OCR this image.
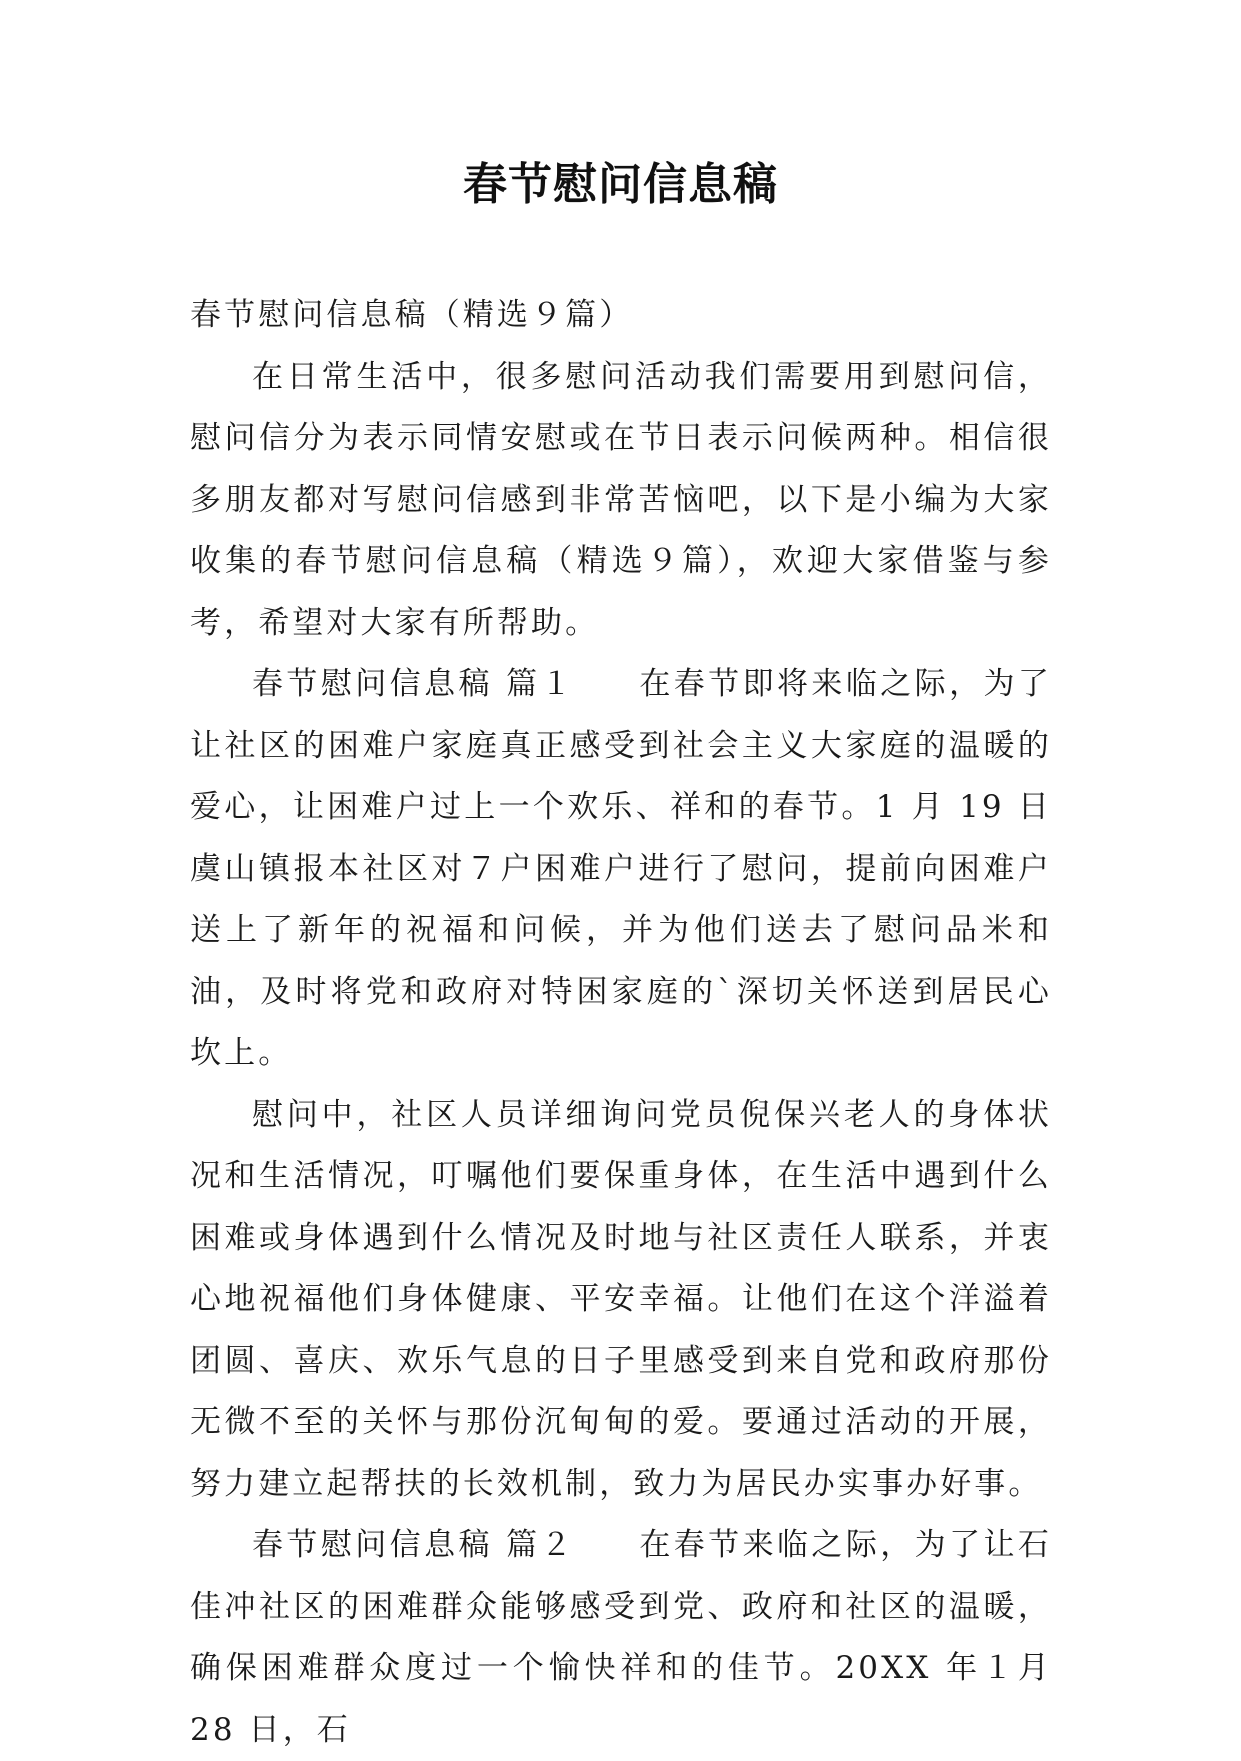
春节慰问信息稿

春节慰问信息稿（精选９篇）

在日常生活中，很多慰问活动我们需要用到慰问信，慰问信分为表示同情安慰或在节日表示问候两种。相信很多朋友都对写慰问信感到非常苦恼吧，以下是小编为大家收集的春节慰问信息稿（精选９篇），欢迎大家借鉴与参考，希望对大家有所帮助。

春节慰问信息稿 篇１ 在春节即将来临之际，为了让社区的困难户家庭真正感受到社会主义大家庭的温暖的爱心，让困难户过上一个欢乐、祥和的春节。1 月 19 日虞山镇报本社区对７户困难户进行了慰问，提前向困难户送上了新年的祝福和问候，并为他们送去了慰问品米和油，及时将党和政府对特困家庭的`深切关怀送到居民心坎上。

慰问中，社区人员详细询问党员倪保兴老人的身体状况和生活情况，叮嘱他们要保重身体，在生活中遇到什么困难或身体遇到什么情况及时地与社区责任人联系，并衷心地祝福他们身体健康、平安幸福。让他们在这个洋溢着团圆、喜庆、欢乐气息的日子里感受到来自党和政府那份无微不至的关怀与那份沉甸甸的爱。要通过活动的开展，努力建立起帮扶的长效机制，致力为居民办实事办好事。

春节慰问信息稿 篇２ 在春节来临之际，为了让石佳冲社区的困难群众能够感受到党、政府和社区的温暖，确保困难群众度过一个愉快祥和的佳节。20XX 年１月 28 日，石
